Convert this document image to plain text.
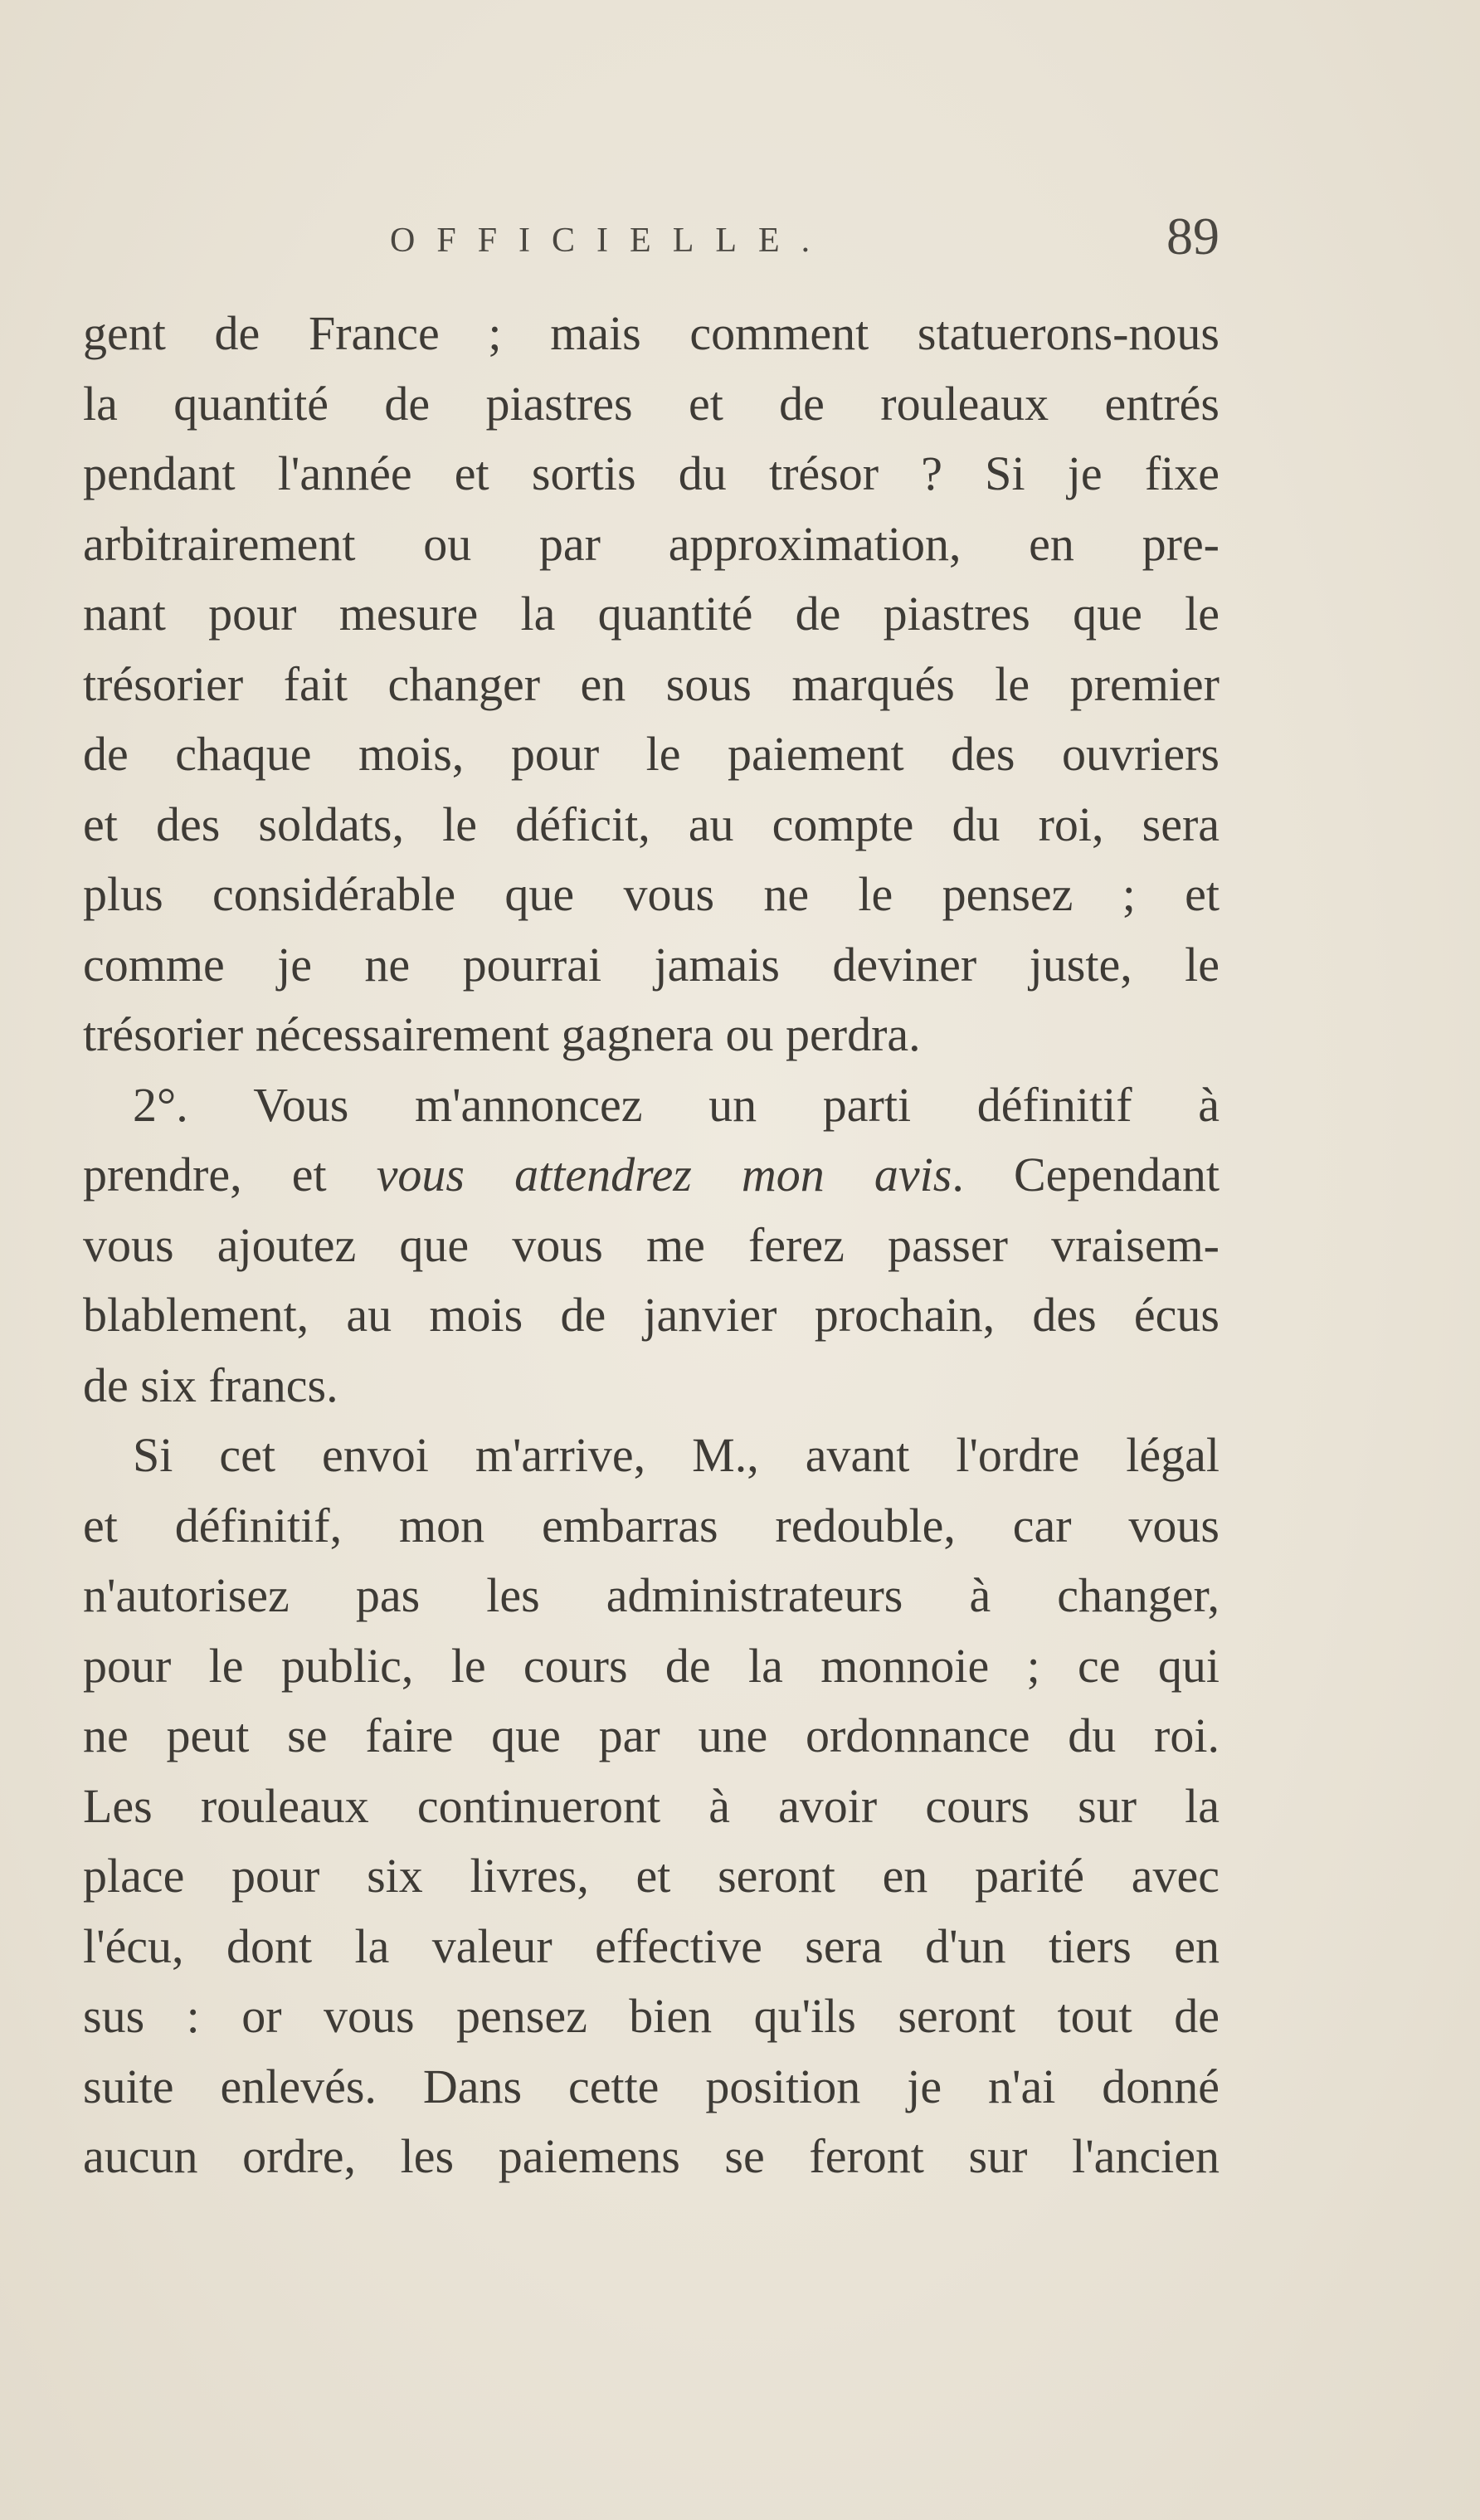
OFFICIELLE.	89
gent de France ; mais comment statuerons-nous
la quantité de piastres et de rouleaux entrés
pendant l'année et sortis du trésor ? Si je fixe
arbitrairement ou par approximation, en pre-
nant pour mesure la quantité de piastres que le
trésorier fait changer en sous marqués le premier
de chaque mois, pour le paiement des ouvriers
et des soldats, le déficit, au compte du roi, sera
plus considérable que vous ne le pensez ; et
comme je ne pourrai jamais deviner juste, le
trésorier nécessairement gagnera ou perdra.
2°. Vous m'annoncez un parti définitif à
prendre, et vous attendrez mon avis. Cependant
vous ajoutez que vous me ferez passer vraisem-
blablement, au mois de janvier prochain, des écus
de six francs.
Si cet envoi m'arrive, M., avant l'ordre légal
et définitif, mon embarras redouble, car vous
n'autorisez pas les administrateurs à changer,
pour le public, le cours de la monnoie ; ce qui
ne peut se faire que par une ordonnance du roi.
Les rouleaux continueront à avoir cours sur la
place pour six livres, et seront en parité avec
l'écu, dont la valeur effective sera d'un tiers en
sus : or vous pensez bien qu'ils seront tout de
suite enlevés. Dans cette position je n'ai donné
aucun ordre, les paiemens se feront sur l'ancien
